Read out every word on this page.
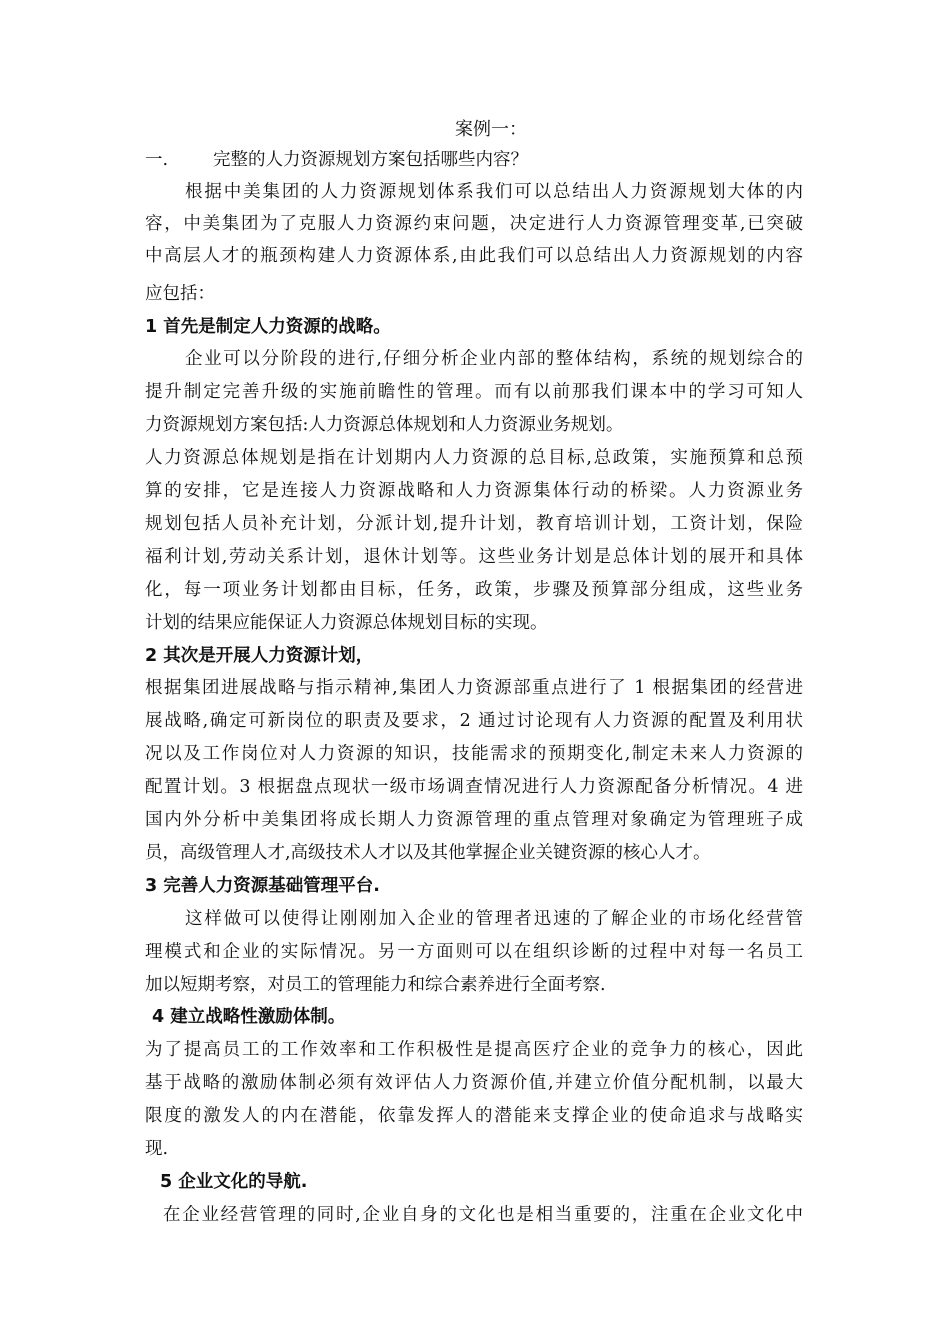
案例一：
一.	完整的人力资源规划方案包括哪些内容？
根据中美集团的人力资源规划体系我们可以总结出人力资源规划大体的内
容，中美集团为了克服人力资源约束问题，决定进行人力资源管理变革,已突破
中高层人才的瓶颈构建人力资源体系,由此我们可以总结出人力资源规划的内容
应包括：
1 首先是制定人力资源的战略。
企业可以分阶段的进行,仔细分析企业内部的整体结构，系统的规划综合的
提升制定完善升级的实施前瞻性的管理。而有以前那我们课本中的学习可知人
力资源规划方案包括:人力资源总体规划和人力资源业务规划。
人力资源总体规划是指在计划期内人力资源的总目标,总政策，实施预算和总预
算的安排，它是连接人力资源战略和人力资源集体行动的桥梁。人力资源业务
规划包括人员补充计划，分派计划,提升计划，教育培训计划，工资计划，保险
福利计划,劳动关系计划，退休计划等。这些业务计划是总体计划的展开和具体
化，每一项业务计划都由目标，任务，政策，步骤及预算部分组成，这些业务
计划的结果应能保证人力资源总体规划目标的实现。
2 其次是开展人力资源计划，
根据集团进展战略与指示精神,集团人力资源部重点进行了 1 根据集团的经营进
展战略,确定可新岗位的职责及要求，2 通过讨论现有人力资源的配置及利用状
况以及工作岗位对人力资源的知识，技能需求的预期变化,制定未来人力资源的
配置计划。3 根据盘点现状一级市场调查情况进行人力资源配备分析情况。4 进
国内外分析中美集团将成长期人力资源管理的重点管理对象确定为管理班子成
员，高级管理人才,高级技术人才以及其他掌握企业关键资源的核心人才。
3 完善人力资源基础管理平台.
这样做可以使得让刚刚加入企业的管理者迅速的了解企业的市场化经营管
理模式和企业的实际情况。另一方面则可以在组织诊断的过程中对每一名员工
加以短期考察，对员工的管理能力和综合素养进行全面考察.
4 建立战略性激励体制。
为了提高员工的工作效率和工作积极性是提高医疗企业的竞争力的核心，因此
基于战略的激励体制必须有效评估人力资源价值,并建立价值分配机制，以最大
限度的激发人的内在潜能，依靠发挥人的潜能来支撑企业的使命追求与战略实
现.
5 企业文化的导航.
在企业经营管理的同时,企业自身的文化也是相当重要的，注重在企业文化中
